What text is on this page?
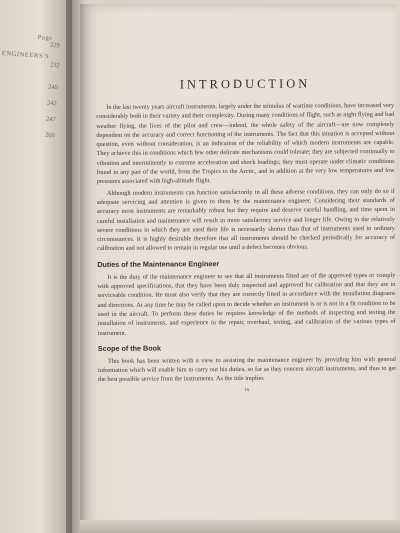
Page
229
ENGINEERS'S
232
240
242
247
260
INTRODUCTION

In the last twenty years aircraft instruments, largely under the stimulus of wartime conditions, have increased very considerably both in their variety and their complexity. During many conditions of flight, such as night flying and bad weather flying, the lives of the pilot and crew—indeed, the whole safety of the aircraft—are now completely dependent on the accuracy and correct functioning of the instruments. The fact that this situation is accepted without question, even without consideration, is an indication of the reliability of which modern instruments are capable. They achieve this in conditions which few other delicate mechanisms could tolerate; they are subjected continually to vibration and intermittently to extreme acceleration and shock loadings; they must operate under climatic conditions found in any part of the world, from the Tropics to the Arctic, and in addition at the very low temperatures and low pressures associated with high-altitude flight.

Although modern instruments can function satisfactorily in all these adverse conditions, they can only do so if adequate servicing and attention is given to them by the maintenance engineer. Considering their standards of accuracy most instruments are remarkably robust but they require and deserve careful handling, and time spent in careful installation and maintenance will result in more satisfactory service and longer life. Owing to the relatively severe conditions in which they are used their life is necessarily shorter than that of instruments used in ordinary circumstances. It is highly desirable therefore that all instruments should be checked periodically for accuracy of calibration and not allowed to remain in regular use until a defect becomes obvious.

Duties of the Maintenance Engineer

It is the duty of the maintenance engineer to see that all instruments fitted are of the approved types or comply with approved specifications, that they have been duly inspected and approved for calibration and that they are in serviceable condition. He must also verify that they are correctly fitted in accordance with the installation diagrams and directions. At any time he may be called upon to decide whether an instrument is or is not in a fit condition to be used in the aircraft. To perform these duties he requires knowledge of the methods of inspecting and testing the installation of instruments, and experience in the repair, overhaul, testing, and calibration of the various types of instrument.

Scope of the Book

This book has been written with a view to assisting the maintenance engineer by providing him with general information which will enable him to carry out his duties, so far as they concern aircraft instruments, and thus to get the best possible service from the instruments. As the title implies

ix
